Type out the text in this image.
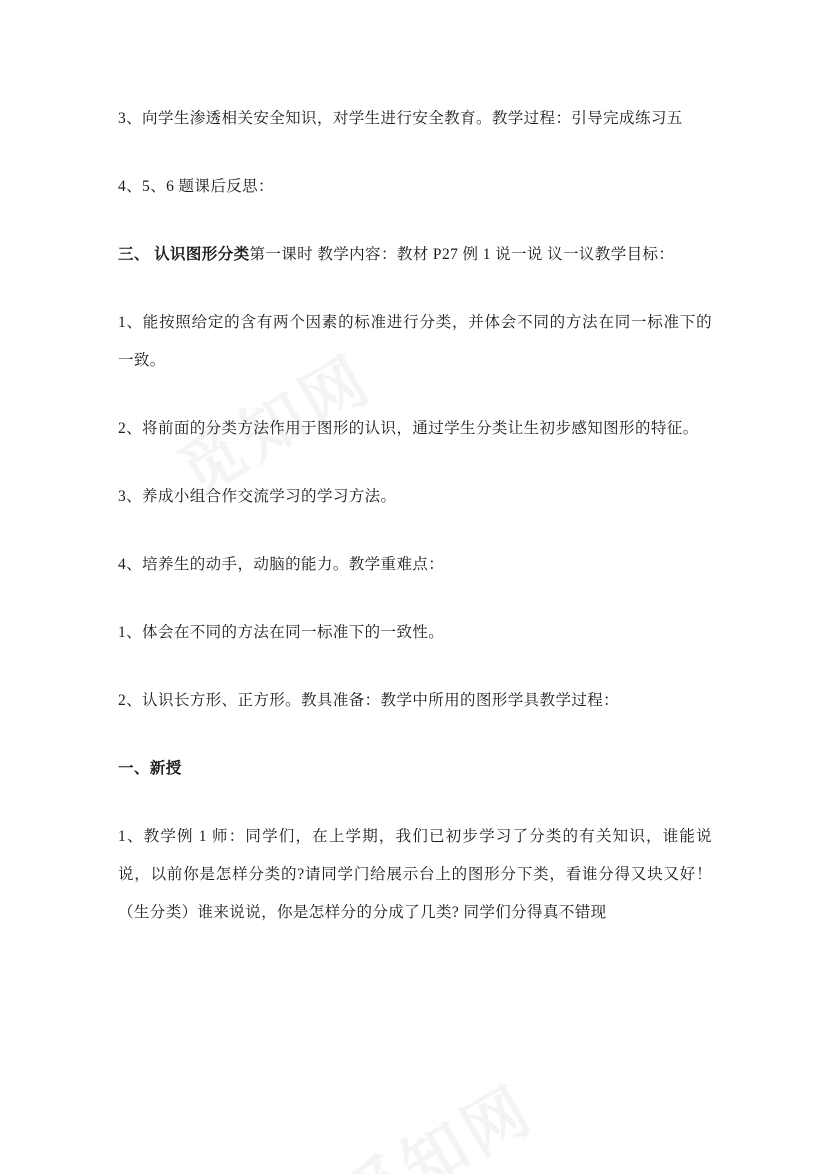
3、向学生渗透相关安全知识，对学生进行安全教育。教学过程：引导完成练习五

4、5、6 题课后反思：

三、 认识图形分类第一课时 教学内容：教材 P27 例 1 说一说 议一议教学目标：

1、能按照给定的含有两个因素的标准进行分类，并体会不同的方法在同一标准下的一致。

2、将前面的分类方法作用于图形的认识，通过学生分类让生初步感知图形的特征。

3、养成小组合作交流学习的学习方法。

4、培养生的动手，动脑的能力。教学重难点：

1、体会在不同的方法在同一标准下的一致性。

2、认识长方形、正方形。教具准备：教学中所用的图形学具教学过程：

一、新授

1、教学例 1 师：同学们，在上学期，我们已初步学习了分类的有关知识，谁能说说，以前你是怎样分类的?请同学门给展示台上的图形分下类，看谁分得又块又好！（生分类）谁来说说，你是怎样分的分成了几类? 同学们分得真不错现
